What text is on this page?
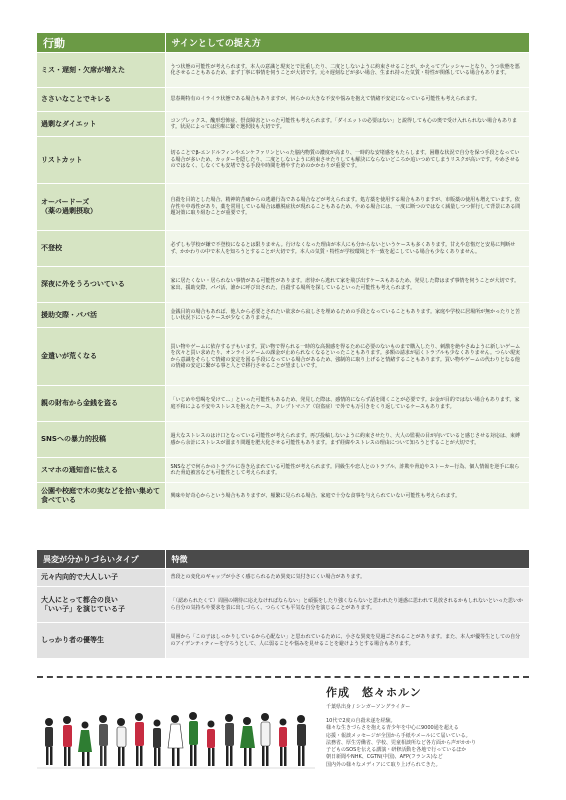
行動	サインとしての捉え方
ミス・遅刻・欠席が増えた	うつ状態の可能性が考えられます。本人の意識と現実とで比重したり、二度としないように約束させることが、かえってプレッシャーとなり、うつ状態を悪化させることもあるため、まず丁寧に事情を伺うことが大切です。元々遅刻などが多い場合、生まれ持った気質・特性が関係している場合もあります。
ささいなことでキレる	思春期特有のイライラ状態である場合もありますが、何らかの大きな不安や悩みを抱えて情緒不安定になっている可能性も考えられます。
過剰なダイエット	コンプレックス、醜形恐怖症、摂食障害といった可能性も考えられます。「ダイエットの必要はない」と説得しても心の奥で受け入れられない場合もあります。状況によっては医療に繋ぐ選択肢も大切です。
リストカット	切ることでβ-エンドルフィンやエンケファリンといった脳内物質の濃度が高まり、一時的な安堵感をもたらします。困難な状況で自分を保つ手段となっている場合が多いため、カッターを隠したり、二度としないように約束させたりしても解決にならないどころか追いつめてしまうリスクが高いです。やめさせるのではなく、しなくても安堵できる手段や時間を増やすためのかかわりが重要です。
オーバードーズ
（薬の過剰摂取）	自殺を目的とした場合、精神的苦痛からの逃避行為である場合などが考えられます。処方薬を使用する場合もありますが、市販薬の使用も増えています。依存性や中毒性があり、薬を常用している場合は離脱症状が現れることもあるため、やめる場合には、一度に断つのではなく減量しつつ併行して背景にある問題対策に取り組むことが重要です。
不登校	必ずしも学校が嫌で不登校になるとは限りません。行けなくなった理由が本人にも分からないというケースも多くあります。甘えや怠惰だと安易に判断せず、かかわりの中で本人を知ろうとすることが大切です。本人の気質・特性が学校環境と不一致を起こしている場合も少なくありません。
深夜に外をうろついている	家に居たくない・居られない事情がある可能性があります。虐待から逃れて家を飛び出すケースもあるため、発見した際はまず事情を伺うことが大切です。家出、援助交際、パパ活、誰かに呼び出された、自殺する場所を探しているといった可能性も考えられます。
援助交際・パパ活	金銭目的の場合もあれば、他人から必要とされたい欲求から寂しさを埋めるための手段となっていることもあります。家庭や学校に居場所が無かったりと苦しい状況下にいるケースが少なくありません。
金遣いが荒くなる	買い物やゲームに依存する子もいます。買い物で得られる一時的な高揚感を得るために必要のないものまで購入したり、刺激を絶やさぬように新しいゲームを次々と買い求めたり、オンラインゲームの課金が止められなくなるといったこともあります。多額の請求が届くトラブルも少なくありません。つらい現実から意識をそらして情緒の安定を図る手段になっている場合があるため、強制的に取り上げると情緒することもあります。買い物やゲームの代わりとなる他の情緒の安定に繋がる事と人とで移行させることが望ましいです。
親の財布から金銭を盗る	「いじめや恐喝を受けて…」といった可能性もあるため、発見した際は、感情的にならず話を聞くことが必要です。お金が目的ではない場合もあります。家庭不和による不安やストレスを抱えたケース、クレプトマニア（窃盗症）で外でも万引きをくり返しているケースもあります。
SNSへの暴力的投稿	過大なストレスのはけ口となっている可能性が考えられます。再び投稿しないように約束させたり、大人の監視の目が向いていると感じさせる対応は、束縛感から余計にストレスが溜まり問題を肥大化させる可能性もあります。まず経緯やストレスの理由について知ろうとすることが大切です。
スマホの通知音に怯える	SNSなどで何らかのトラブルに巻き込まれている可能性が考えられます。同級生や恋人とのトラブル、詐欺や脅迫やストーカー行為、個人情報を逆手に取られた脅迫被害なども可能性として考えられます。
公園や校庭で木の実などを拾い集めて食べている	興味や好奇心からという場合もありますが、頻繁に見られる場合、家庭で十分な食事を与えられていない可能性も考えられます。
異変が分かりづらいタイプ	特徴
元々内向的で大人しい子	普段との変化のギャップが小さく感じられるため異変に気付きにくい場合があります。
大人にとって都合の良い
「いい子」を演じている子	「（認められたくて）周囲の期待に応えなければならない」と頑張をしたり強くならないと思われたり迷惑に思われて見放されるかもしれないといった思いから自分の気持ちや要求を表に出しづらく、つらくても平気な自分を演じることがあります。
しっかり者の優等生	周囲から「この子はしっかりしているから心配ない」と思われているために、小さな異変を見過ごされることがあります。また、本人が優等生としての自分のアイデンティティーを守ろうとして、人に弱ることや悩みを見せることを避けようとする場合もあります。
作成　悠々ホルン
千葉県出身 / シンガーソングライター
10代で2度の自殺未遂を経験。
様々な生きづらさを抱える青少年を中心に9000通を超える
応援・報談メッセージが全国から手紙やメールにて届いている。
法務省、厚生労働省、学校、児童相談所など各方面から声がかかり
子どものSOSを伝える講演・研修活動を各地で行っているほか
朝日新聞やNHK、CGTN(中国)、AFP(フランス)など
国内外の様々なメディアにて取り上げられてきた。
